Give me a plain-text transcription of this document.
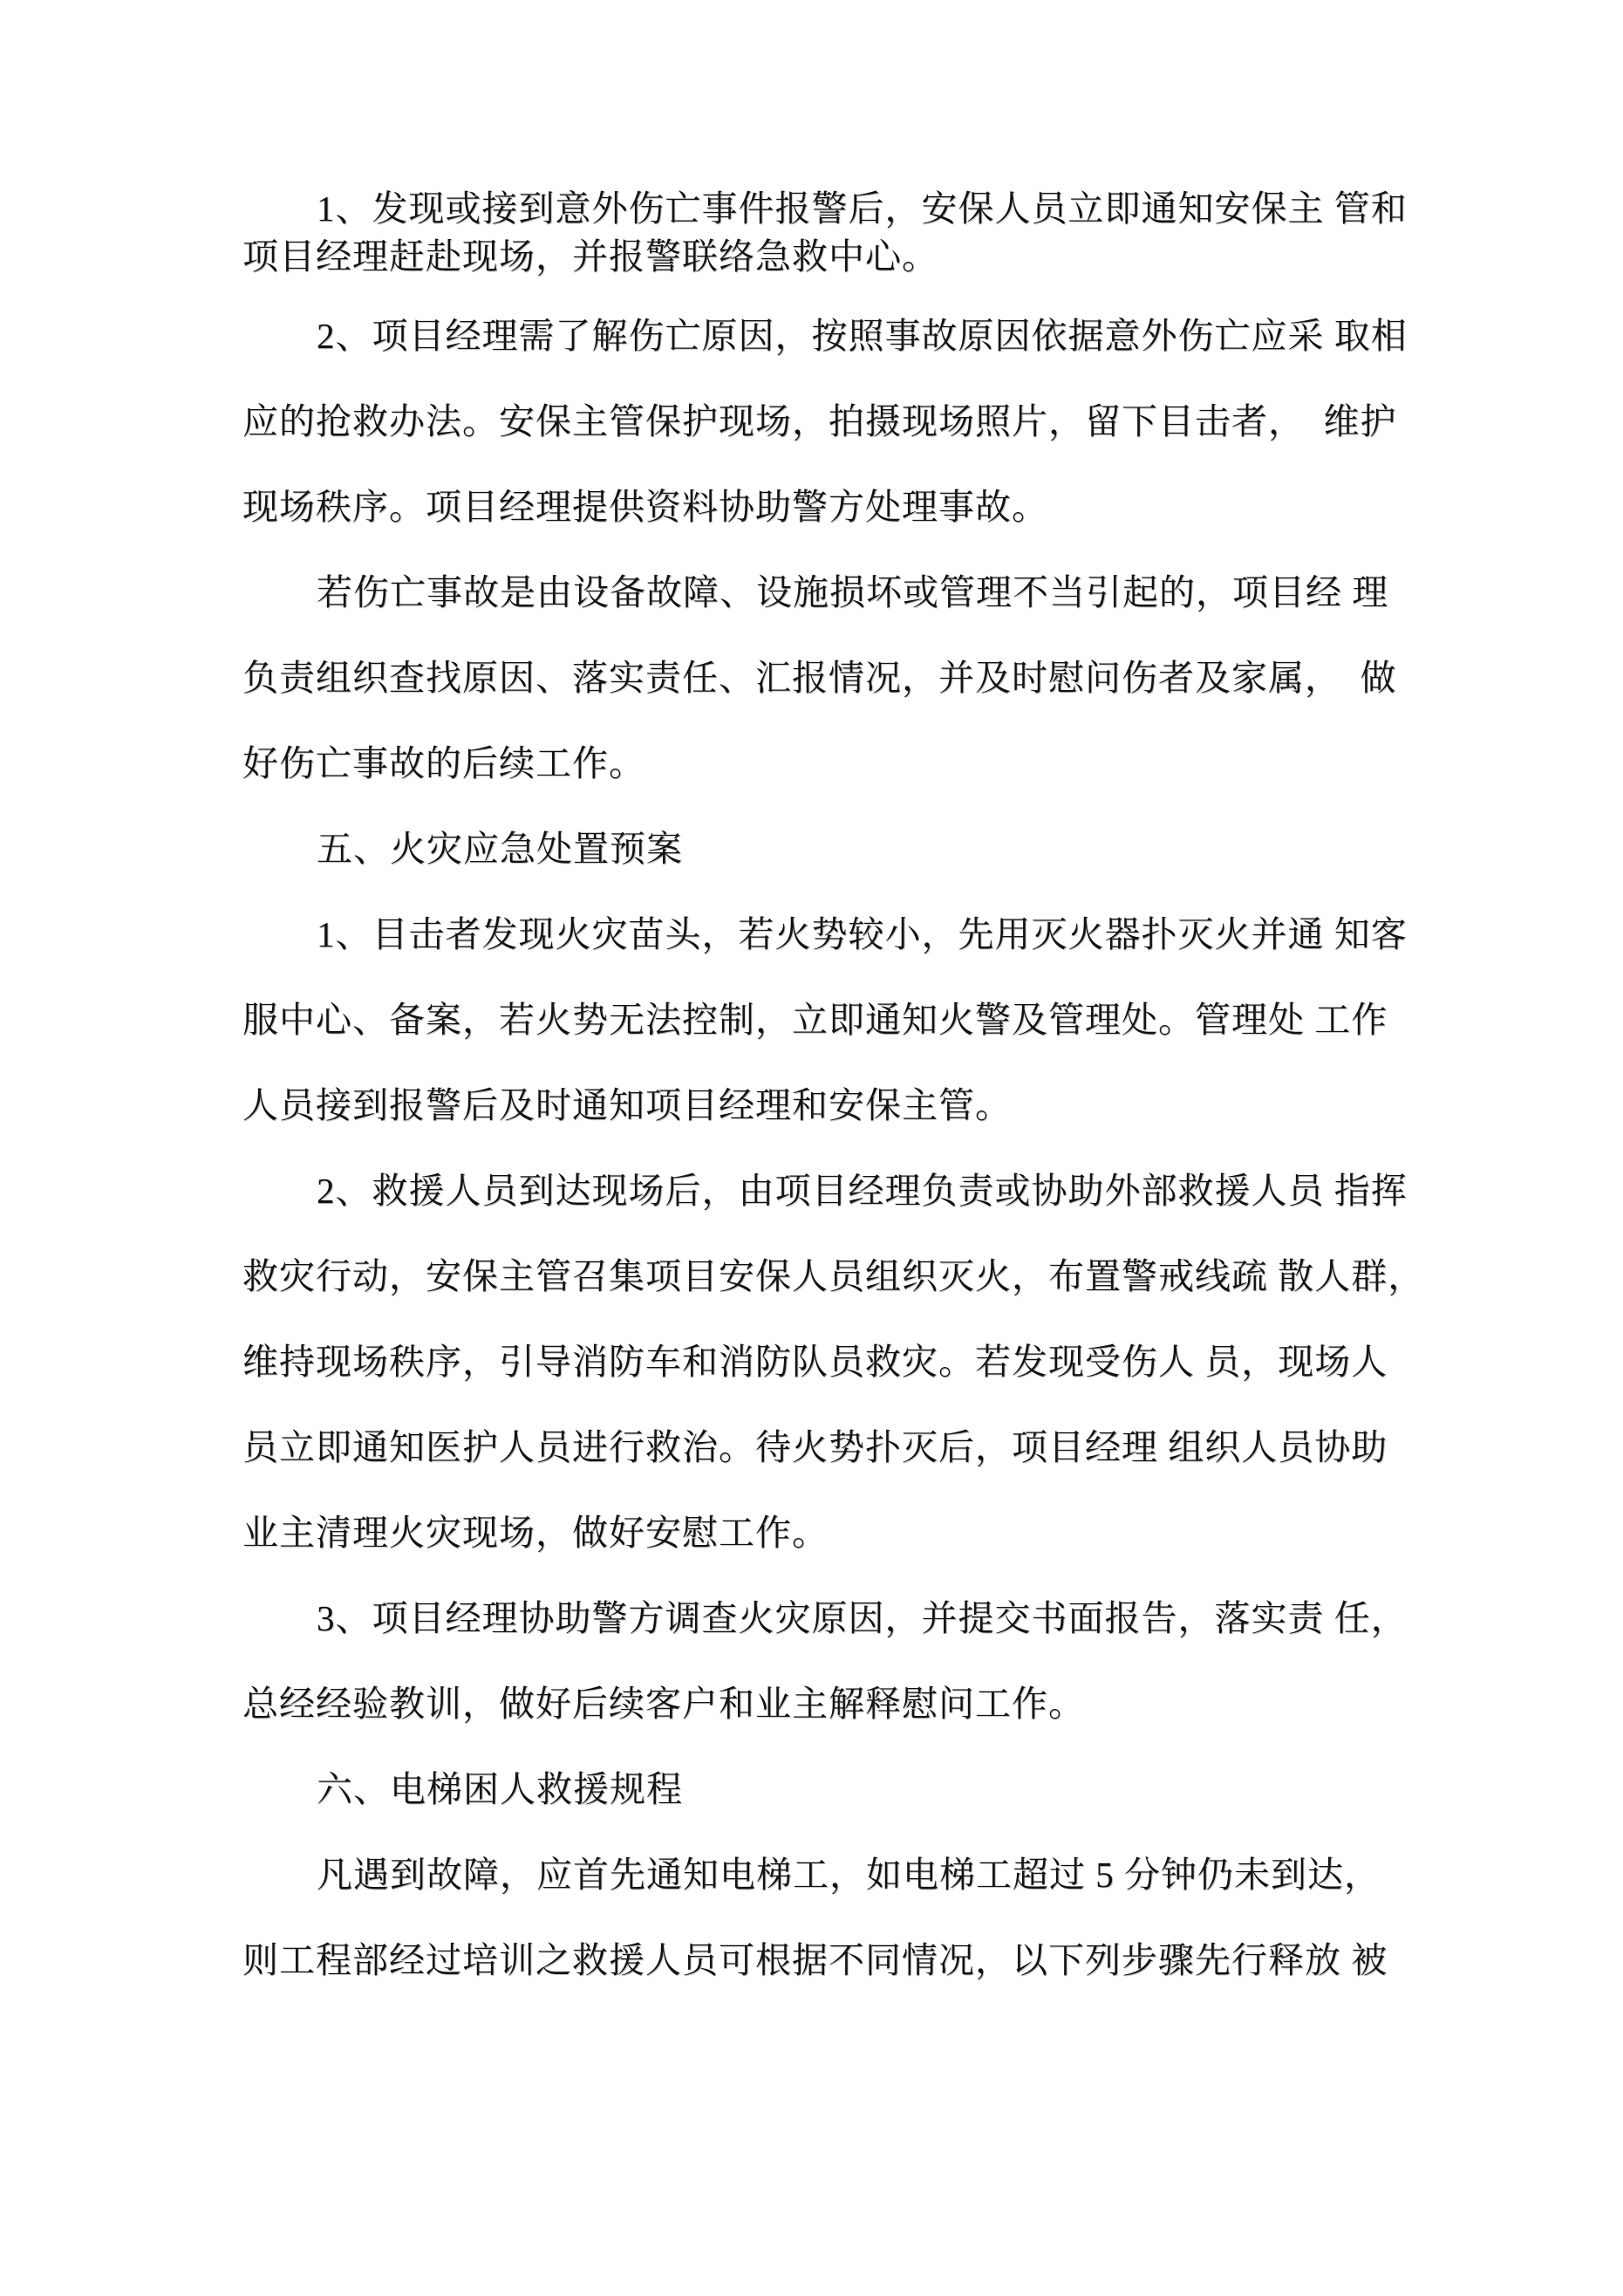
1、发现或接到意外伤亡事件报警后，安保人员立即通知安保主 管和
项目经理赶赴现场，并报警联络急救中心。
2、项目经理需了解伤亡原因，按照事故原因依据意外伤亡应采 取相
应的抢救办法。安保主管保护现场，拍摄现场照片，留下目击者，　维护
现场秩序。项目经理提供资料协助警方处理事故。
若伤亡事故是由设备故障、设施损坏或管理不当引起的，项目经 理
负责组织查找原因、落实责任、汇报情况，并及时慰问伤者及家属，　做
好伤亡事故的后续工作。
五、火灾应急处置预案
1、目击者发现火灾苗头，若火势较小，先用灭火器扑灭火并通 知客
服中心、备案，若火势无法控制，立即通知火警及管理处。管理处 工作
人员接到报警后及时通知项目经理和安保主管。
2、救援人员到达现场后，由项目经理负责或协助外部救援人员 指挥
救灾行动，安保主管召集项目安保人员组织灭火，布置警戒线疏 散人群，
维持现场秩序，引导消防车和消防队员救灾。若发现受伤人 员，现场人
员立即通知医护人员进行救治。待火势扑灭后，项目经理 组织人员协助
业主清理火灾现场，做好安慰工作。
3、项目经理协助警方调查火灾原因，并提交书面报告，落实责 任，
总经经验教训，做好后续客户和业主解释慰问工作。
六、电梯困人救援规程
凡遇到故障，应首先通知电梯工，如电梯工超过 5 分钟仍未到达，
则工程部经过培训之救援人员可根据不同情况，以下列步骤先行释放 被
